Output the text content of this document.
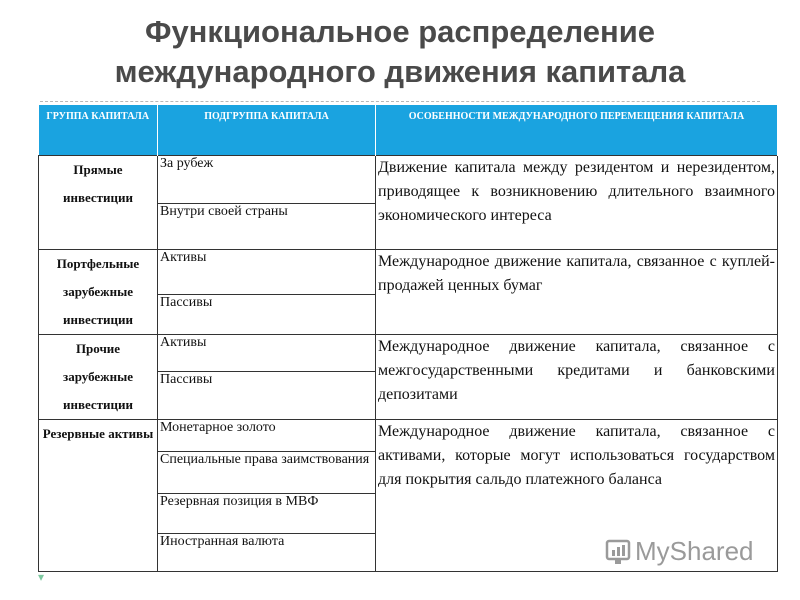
Функциональное распределение
международного движения капитала
ГРУППА КАПИТАЛА	ПОДГРУППА КАПИТАЛА	ОСОБЕННОСТИ МЕЖДУНАРОДНОГО ПЕРЕМЕЩЕНИЯ КАПИТАЛА
Прямые инвестиции	За рубеж	Движение капитала между резидентом и нерезидентом, приводящее к возникновению длительного взаимного экономического интереса
	Внутри своей страны	
Портфельные зарубежные инвестиции	Активы	Международное движение капитала, связанное с куплей-продажей ценных бумаг
	Пассивы	
Прочие зарубежные инвестиции	Активы	Международное движение капитала, связанное с межгосударственными кредитами и банковскими депозитами
	Пассивы	
Резервные активы	Монетарное золото	Международное движение капитала, связанное с активами, которые могут использоваться государством для покрытия сальдо платежного баланса
	Специальные права заимствования	
	Резервная позиция в МВФ	
	Иностранная валюта	
▾
MyShared
